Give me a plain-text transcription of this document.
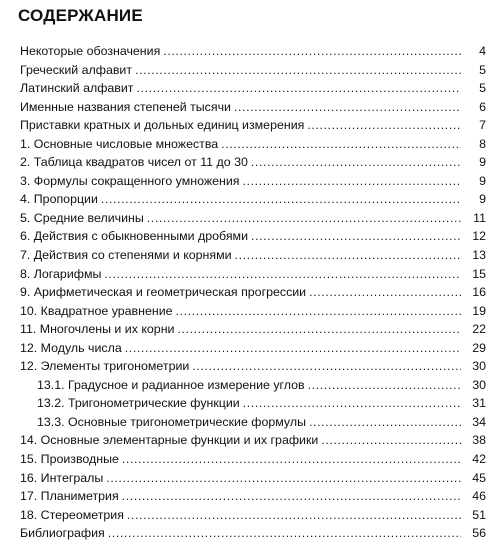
СОДЕРЖАНИЕ
Некоторые обозначения .....	4
Греческий алфавит .....	5
Латинский алфавит .....	5
Именные названия степеней тысячи .....	6
Приставки кратных и дольных единиц измерения .....	7
1. Основные числовые множества .....	8
2. Таблица квадратов чисел от 11 до 30 .....	9
3. Формулы сокращенного умножения .....	9
4. Пропорции .....	9
5. Средние величины .....	11
6. Действия с обыкновенными дробями .....	12
7. Действия со степенями и корнями .....	13
8. Логарифмы .....	15
9. Арифметическая и геометрическая прогрессии .....	16
10. Квадратное уравнение .....	19
11. Многочлены и их корни .....	22
12. Модуль числа .....	29
12. Элементы тригонометрии .....	30
13.1. Градусное и радианное измерение углов .....	30
13.2. Тригонометрические функции .....	31
13.3. Основные тригонометрические формулы .....	34
14. Основные элементарные функции и их графики .....	38
15. Производные .....	42
16. Интегралы .....	45
17. Планиметрия .....	46
18. Стереометрия .....	51
Библиография .....	56
